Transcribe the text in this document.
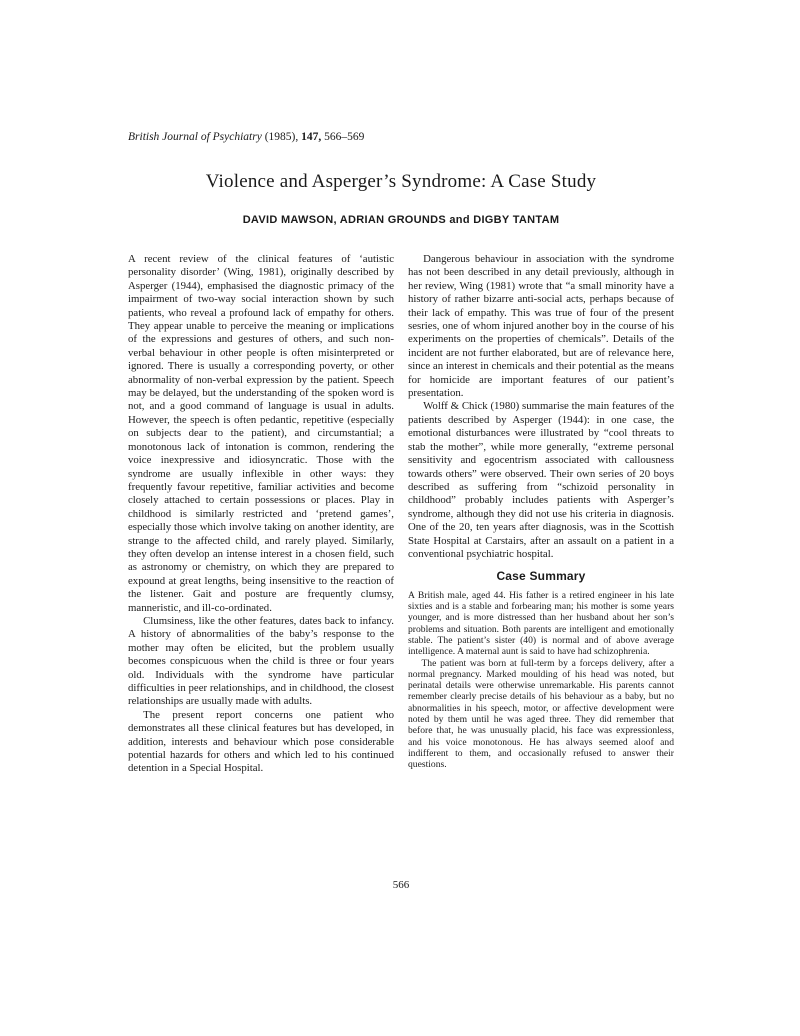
British Journal of Psychiatry (1985), 147, 566–569
Violence and Asperger’s Syndrome: A Case Study
DAVID MAWSON, ADRIAN GROUNDS and DIGBY TANTAM

A recent review of the clinical features of ‘autistic personality disorder’ (Wing, 1981), originally described by Asperger (1944), emphasised the diagnostic primacy of the impairment of two-way social interaction shown by such patients, who reveal a profound lack of empathy for others. They appear unable to perceive the meaning or implications of the expressions and gestures of others, and such non-verbal behaviour in other people is often misinterpreted or ignored. There is usually a corresponding poverty, or other abnormality of non-verbal expression by the patient. Speech may be delayed, but the understanding of the spoken word is not, and a good command of language is usual in adults. However, the speech is often pedantic, repetitive (especially on subjects dear to the patient), and circumstantial; a monotonous lack of intonation is common, rendering the voice inexpressive and idiosyncratic. Those with the syndrome are usually inflexible in other ways: they frequently favour repetitive, familiar activities and become closely attached to certain possessions or places. Play in childhood is similarly restricted and ‘pretend games’, especially those which involve taking on another identity, are strange to the affected child, and rarely played. Similarly, they often develop an intense interest in a chosen field, such as astronomy or chemistry, on which they are prepared to expound at great lengths, being insensitive to the reaction of the listener. Gait and posture are frequently clumsy, manneristic, and ill-co-ordinated.

Clumsiness, like the other features, dates back to infancy. A history of abnormalities of the baby’s response to the mother may often be elicited, but the problem usually becomes conspicuous when the child is three or four years old. Individuals with the syndrome have particular difficulties in peer relationships, and in childhood, the closest relationships are usually made with adults.

The present report concerns one patient who demonstrates all these clinical features but has developed, in addition, interests and behaviour which pose considerable potential hazards for others and which led to his continued detention in a Special Hospital.

Dangerous behaviour in association with the syndrome has not been described in any detail previously, although in her review, Wing (1981) wrote that “a small minority have a history of rather bizarre anti-social acts, perhaps because of their lack of empathy. This was true of four of the present sesries, one of whom injured another boy in the course of his experiments on the properties of chemicals”. Details of the incident are not further elaborated, but are of relevance here, since an interest in chemicals and their potential as the means for homicide are important features of our patient’s presentation.

Wolff & Chick (1980) summarise the main features of the patients described by Asperger (1944): in one case, the emotional disturbances were illustrated by “cool threats to stab the mother”, while more generally, “extreme personal sensitivity and egocentrism associated with callousness towards others” were observed. Their own series of 20 boys described as suffering from “schizoid personality in childhood” probably includes patients with Asperger’s syndrome, although they did not use his criteria in diagnosis. One of the 20, ten years after diagnosis, was in the Scottish State Hospital at Carstairs, after an assault on a patient in a conventional psychiatric hospital.

Case Summary

A British male, aged 44. His father is a retired engineer in his late sixties and is a stable and forbearing man; his mother is some years younger, and is more distressed than her husband about her son’s problems and situation. Both parents are intelligent and emotionally stable. The patient’s sister (40) is normal and of above average intelligence. A maternal aunt is said to have had schizophrenia.

The patient was born at full-term by a forceps delivery, after a normal pregnancy. Marked moulding of his head was noted, but perinatal details were otherwise unremarkable. His parents cannot remember clearly precise details of his behaviour as a baby, but no abnormalities in his speech, motor, or affective development were noted by them until he was aged three. They did remember that before that, he was unusually placid, his face was expressionless, and his voice monotonous. He has always seemed aloof and indifferent to them, and occasionally refused to answer their questions.

566
